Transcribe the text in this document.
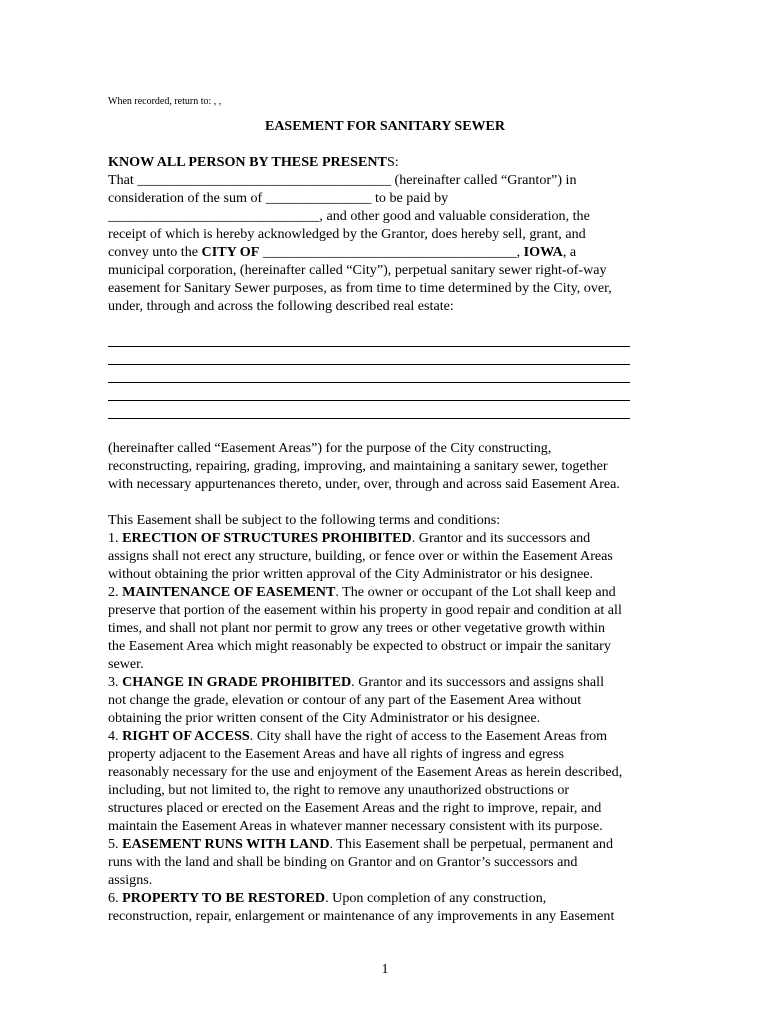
When recorded, return to: , ,
EASEMENT FOR SANITARY SEWER
KNOW ALL PERSON BY THESE PRESENTS:
That ____________________________________ (hereinafter called “Grantor”) in
consideration of the sum of _______________ to be paid by
______________________________, and other good and valuable consideration, the
receipt of which is hereby acknowledged by the Grantor, does hereby sell, grant, and
convey unto the CITY OF ____________________________________, IOWA, a
municipal corporation, (hereinafter called “City”), perpetual sanitary sewer right-of-way
easement for Sanitary Sewer purposes, as from time to time determined by the City, over,
under, through and across the following described real estate:
(hereinafter called “Easement Areas”) for the purpose of the City constructing,
reconstructing, repairing, grading, improving, and maintaining a sanitary sewer, together
with necessary appurtenances thereto, under, over, through and across said Easement Area.
This Easement shall be subject to the following terms and conditions:
1. ERECTION OF STRUCTURES PROHIBITED. Grantor and its successors and
assigns shall not erect any structure, building, or fence over or within the Easement Areas
without obtaining the prior written approval of the City Administrator or his designee.
2. MAINTENANCE OF EASEMENT. The owner or occupant of the Lot shall keep and
preserve that portion of the easement within his property in good repair and condition at all
times, and shall not plant nor permit to grow any trees or other vegetative growth within
the Easement Area which might reasonably be expected to obstruct or impair the sanitary
sewer.
3. CHANGE IN GRADE PROHIBITED. Grantor and its successors and assigns shall
not change the grade, elevation or contour of any part of the Easement Area without
obtaining the prior written consent of the City Administrator or his designee.
4. RIGHT OF ACCESS. City shall have the right of access to the Easement Areas from
property adjacent to the Easement Areas and have all rights of ingress and egress
reasonably necessary for the use and enjoyment of the Easement Areas as herein described,
including, but not limited to, the right to remove any unauthorized obstructions or
structures placed or erected on the Easement Areas and the right to improve, repair, and
maintain the Easement Areas in whatever manner necessary consistent with its purpose.
5. EASEMENT RUNS WITH LAND. This Easement shall be perpetual, permanent and
runs with the land and shall be binding on Grantor and on Grantor’s successors and
assigns.
6. PROPERTY TO BE RESTORED. Upon completion of any construction,
reconstruction, repair, enlargement or maintenance of any improvements in any Easement
1
